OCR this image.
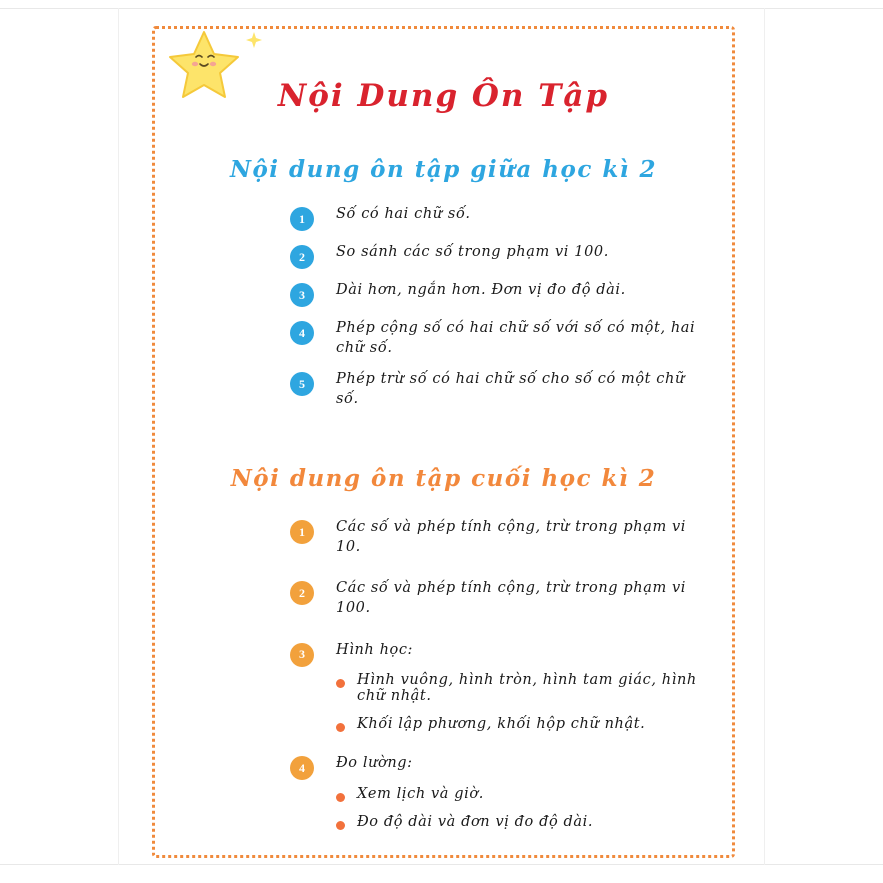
Nội Dung Ôn Tập
Nội dung ôn tập giữa học kì 2
1	Số có hai chữ số.
2	So sánh các số trong phạm vi 100.
3	Dài hơn, ngắn hơn. Đơn vị đo độ dài.
4	Phép cộng số có hai chữ số với số có một, hai chữ số.
5	Phép trừ số có hai chữ số cho số có một chữ số.
Nội dung ôn tập cuối học kì 2
1	Các số và phép tính cộng, trừ trong phạm vi 10.
2	Các số và phép tính cộng, trừ trong phạm vi 100.
3	Hình học:
Hình vuông, hình tròn, hình tam giác, hình chữ nhật.
Khối lập phương, khối hộp chữ nhật.
4	Đo lường:
Xem lịch và giờ.
Đo độ dài và đơn vị đo độ dài.
